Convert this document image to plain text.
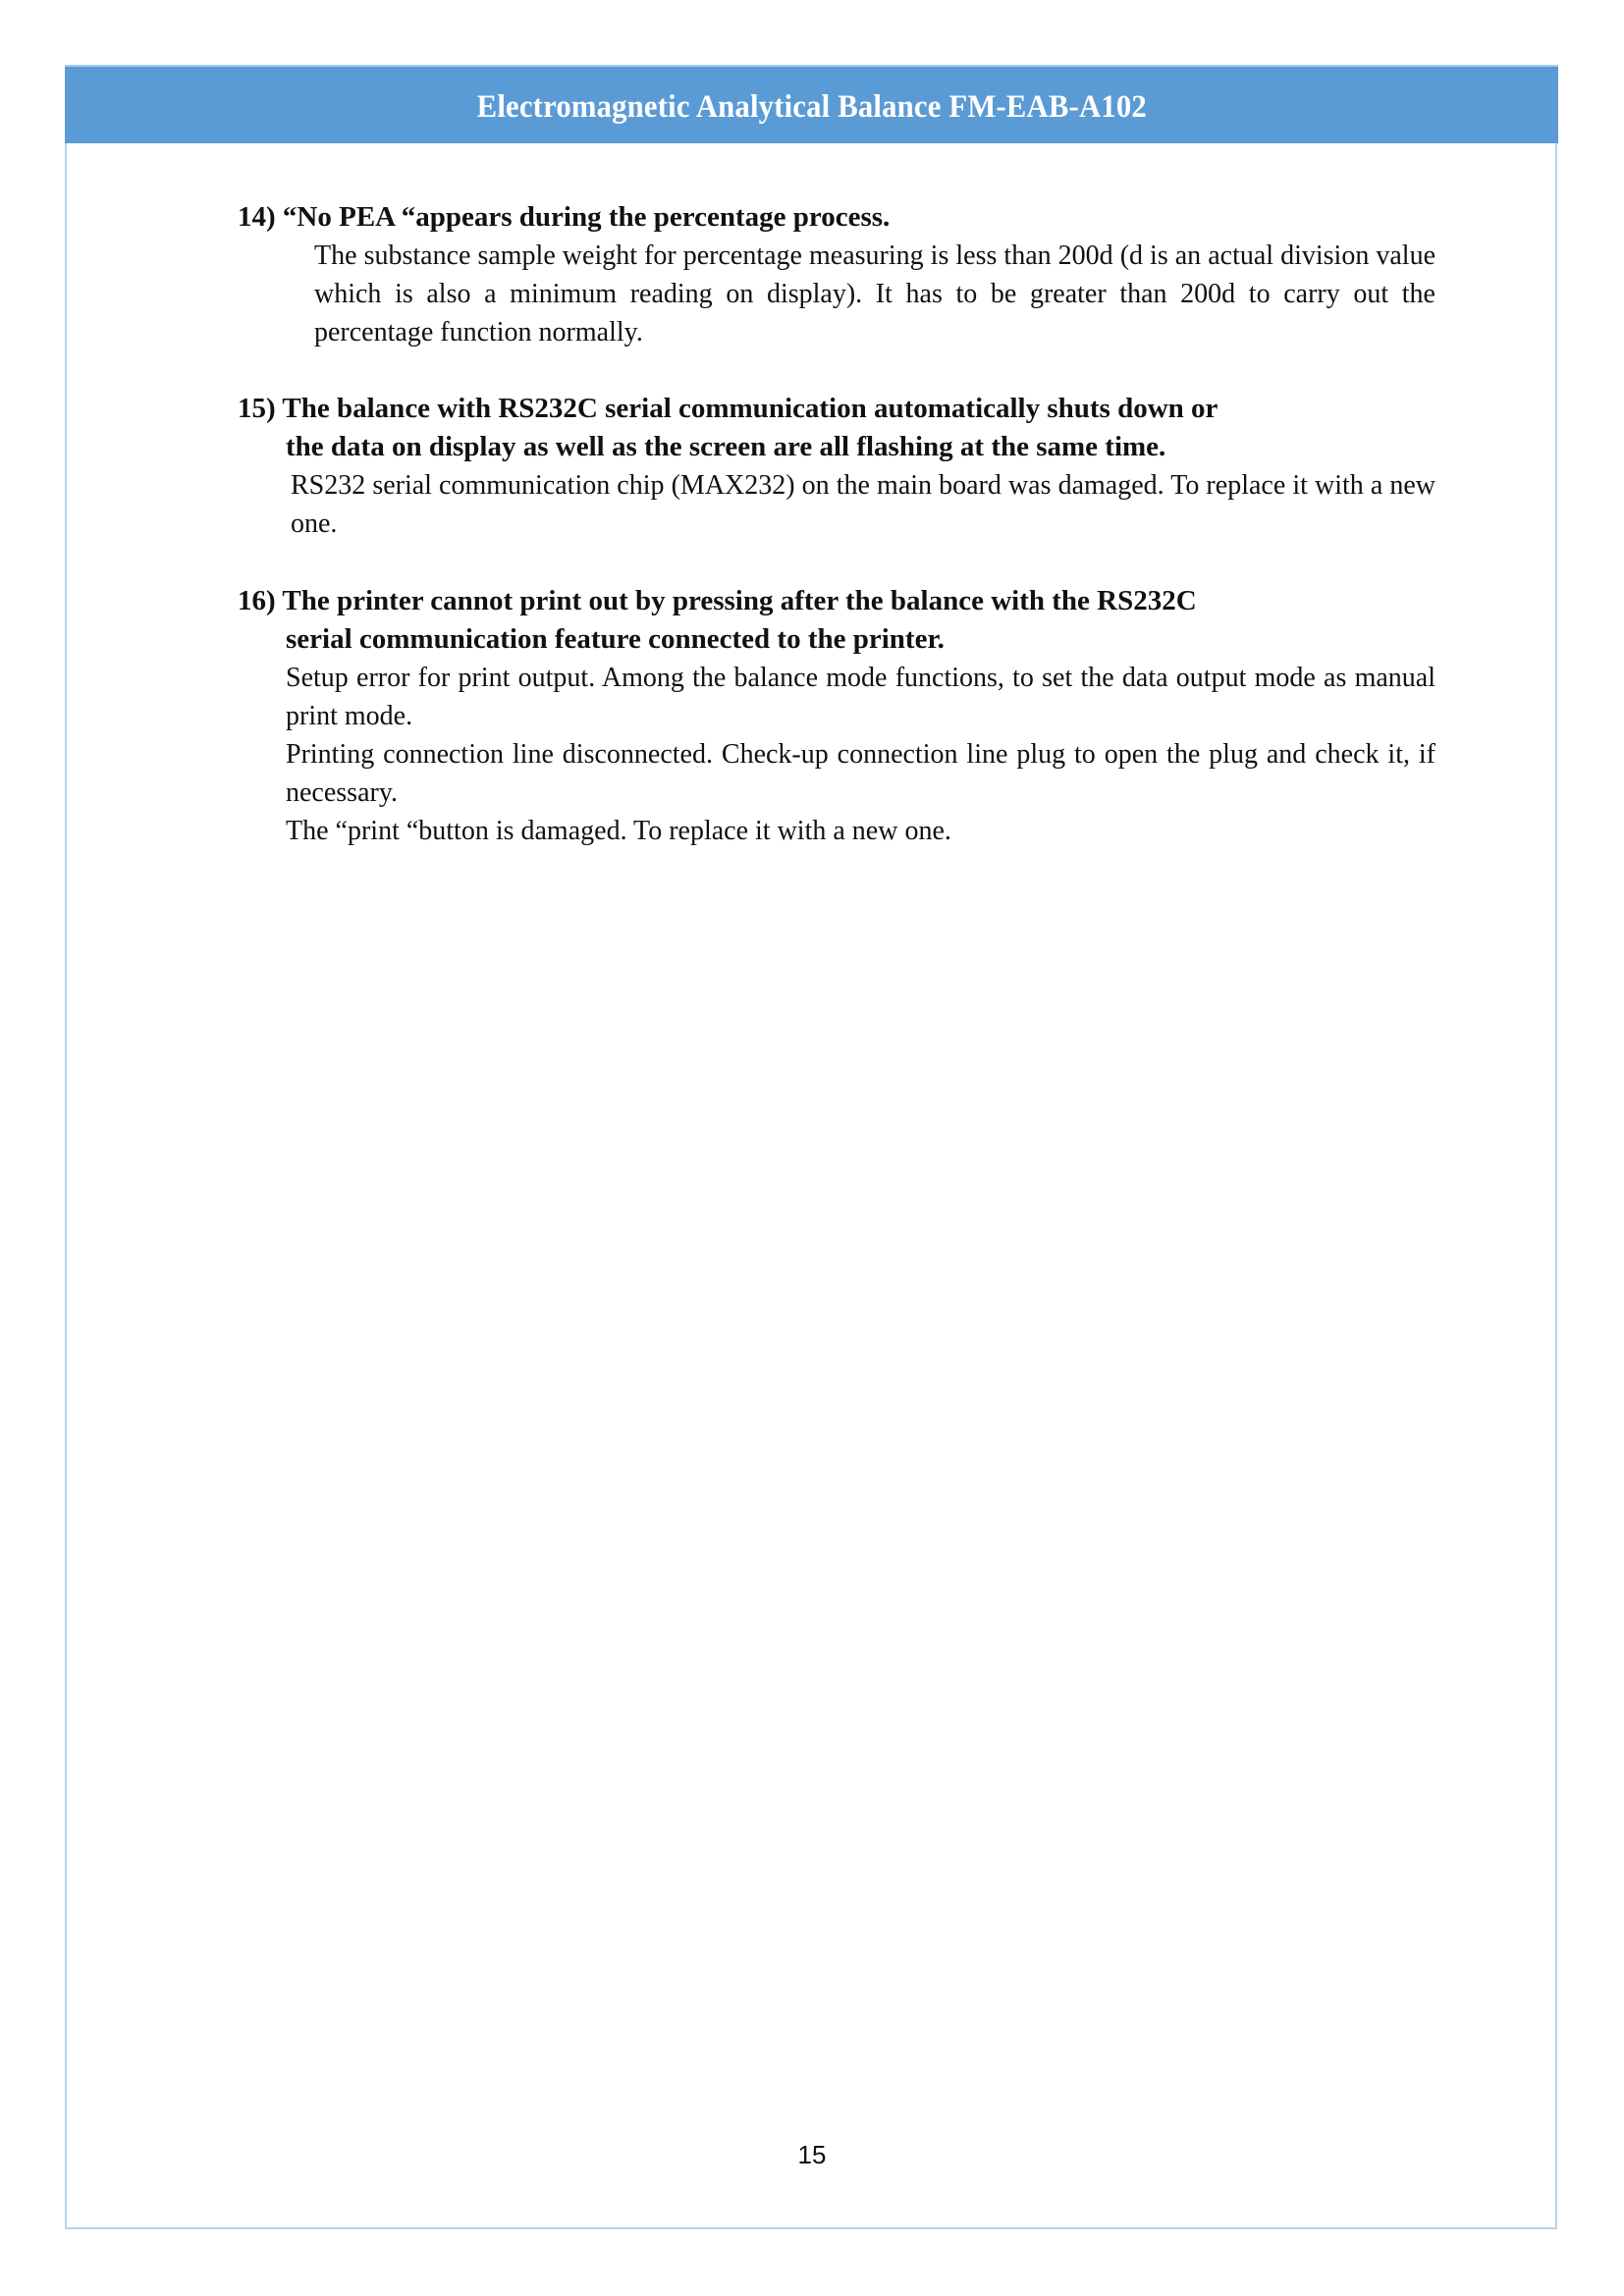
Electromagnetic Analytical Balance FM-EAB-A102
14) “No PEA “appears during the percentage process.

The substance sample weight for percentage measuring is less than 200d (d is an actual division value which is also a minimum reading on display). It has to be greater than 200d to carry out the percentage function normally.

15) The balance with RS232C serial communication automatically shuts down or
the data on display as well as the screen are all flashing at the same time.

RS232 serial communication chip (MAX232) on the main board was damaged. To replace it with a new one.

16) The printer cannot print out by pressing after the balance with the RS232C
serial communication feature connected to the printer.

Setup error for print output. Among the balance mode functions, to set the data output mode as manual print mode.

Printing connection line disconnected. Check-up connection line plug to open the plug and check it, if necessary.

The “print “button is damaged. To replace it with a new one.

15
